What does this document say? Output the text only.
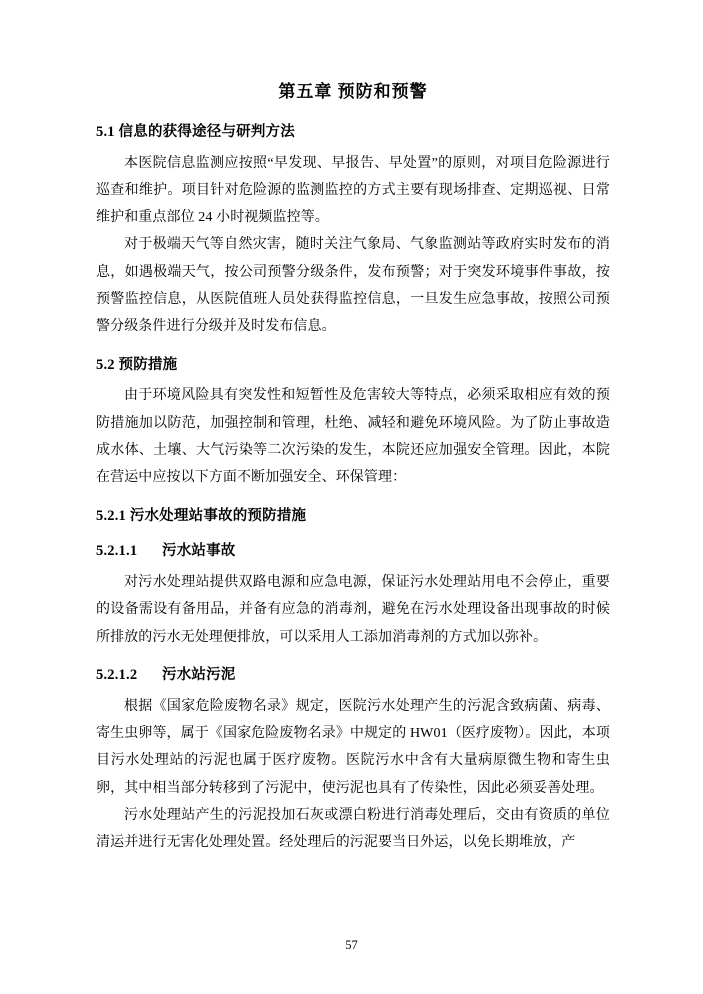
第五章 预防和预警
5.1 信息的获得途径与研判方法

本医院信息监测应按照“早发现、早报告、早处置”的原则，对项目危险源进行巡查和维护。项目针对危险源的监测监控的方式主要有现场排查、定期巡视、日常维护和重点部位 24 小时视频监控等。

对于极端天气等自然灾害，随时关注气象局、气象监测站等政府实时发布的消息，如遇极端天气，按公司预警分级条件，发布预警；对于突发环境事件事故，按预警监控信息，从医院值班人员处获得监控信息，一旦发生应急事故，按照公司预警分级条件进行分级并及时发布信息。

5.2 预防措施

由于环境风险具有突发性和短暂性及危害较大等特点，必须采取相应有效的预防措施加以防范，加强控制和管理，杜绝、减轻和避免环境风险。为了防止事故造成水体、土壤、大气污染等二次污染的发生，本院还应加强安全管理。因此，本院在营运中应按以下方面不断加强安全、环保管理：

5.2.1 污水处理站事故的预防措施
5.2.1.1 污水站事故

对污水处理站提供双路电源和应急电源，保证污水处理站用电不会停止，重要的设备需设有备用品，并备有应急的消毒剂，避免在污水处理设备出现事故的时候所排放的污水无处理便排放，可以采用人工添加消毒剂的方式加以弥补。

5.2.1.2 污水站污泥

根据《国家危险废物名录》规定，医院污水处理产生的污泥含致病菌、病毒、寄生虫卵等，属于《国家危险废物名录》中规定的 HW01（医疗废物）。因此，本项目污水处理站的污泥也属于医疗废物。医院污水中含有大量病原微生物和寄生虫卵，其中相当部分转移到了污泥中，使污泥也具有了传染性，因此必须妥善处理。

污水处理站产生的污泥投加石灰或漂白粉进行消毒处理后，交由有资质的单位清运并进行无害化处理处置。经处理后的污泥要当日外运，以免长期堆放，产

57
